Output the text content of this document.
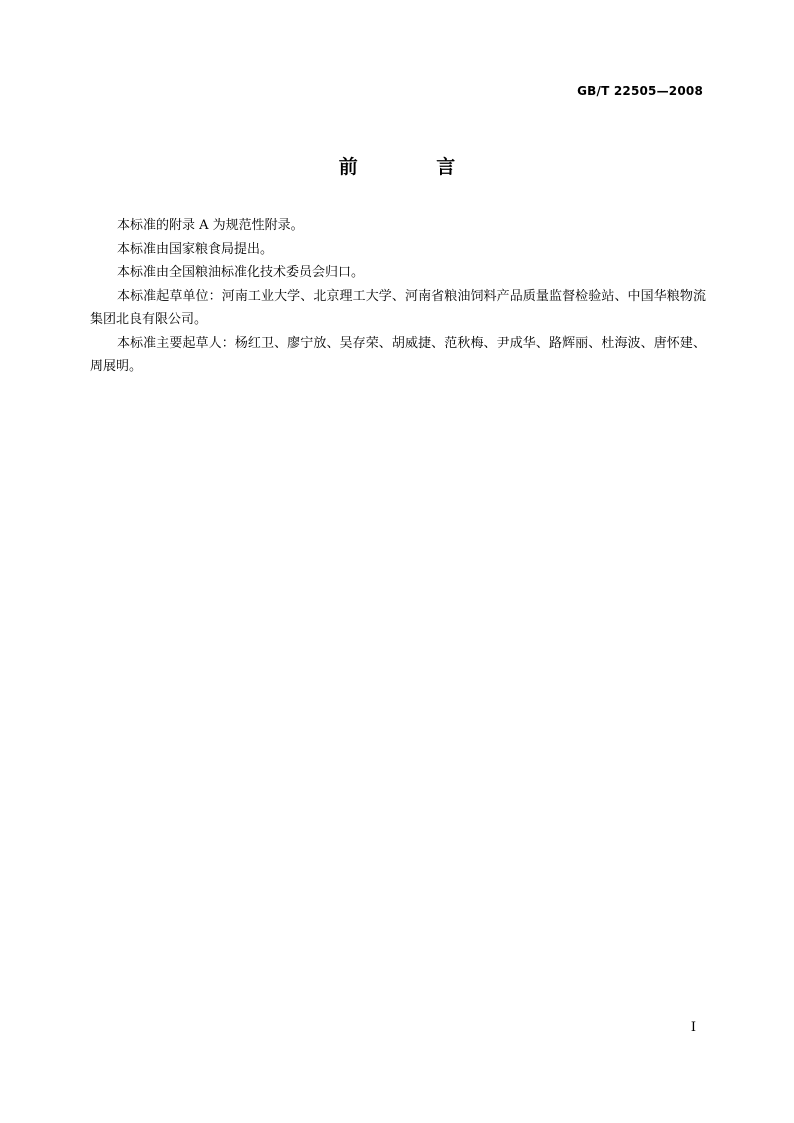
GB/T 22505—2008
前 言

本标准的附录 A 为规范性附录。

本标准由国家粮食局提出。

本标准由全国粮油标准化技术委员会归口。

本标准起草单位：河南工业大学、北京理工大学、河南省粮油饲料产品质量监督检验站、中国华粮物流集团北良有限公司。

本标准主要起草人：杨红卫、廖宁放、吴存荣、胡威捷、范秋梅、尹成华、路辉丽、杜海波、唐怀建、周展明。

I
